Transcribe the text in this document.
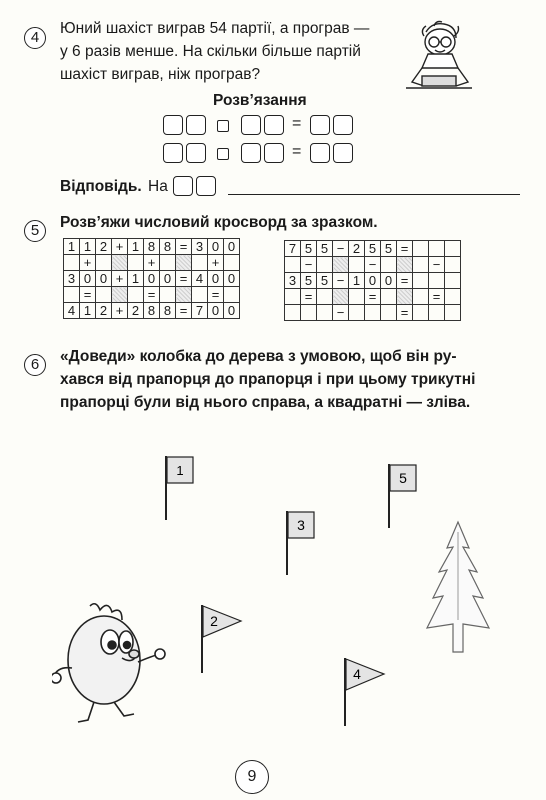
4
Юний шахіст виграв 54 партії, а програв —
у 6 разів менше. На скільки більше партій
шахіст виграв, ніж програв?
Розв’язання
=
=
Відповідь. На
5	Розв’яжи числовий кросворд за зразком.
1	1	2	+	1	8	8	=	3	0	0
	+				+				+	
3	0	0	+	1	0	0	=	4	0	0
	=				=				=	
4	1	2	+	2	8	8	=	7	0	0
7	5	5	−	2	5	5	=			
	−				−				−	
3	5	5	−	1	0	0	=			
	=				=				=	
			−				=			
6	«Доведи» колобка до дерева з умовою, щоб він ру-
хався від прапорця до прапорця і при цьому трикутні
прапорці були від нього справа, а квадратні — зліва.
1	5
3
2
4
9
